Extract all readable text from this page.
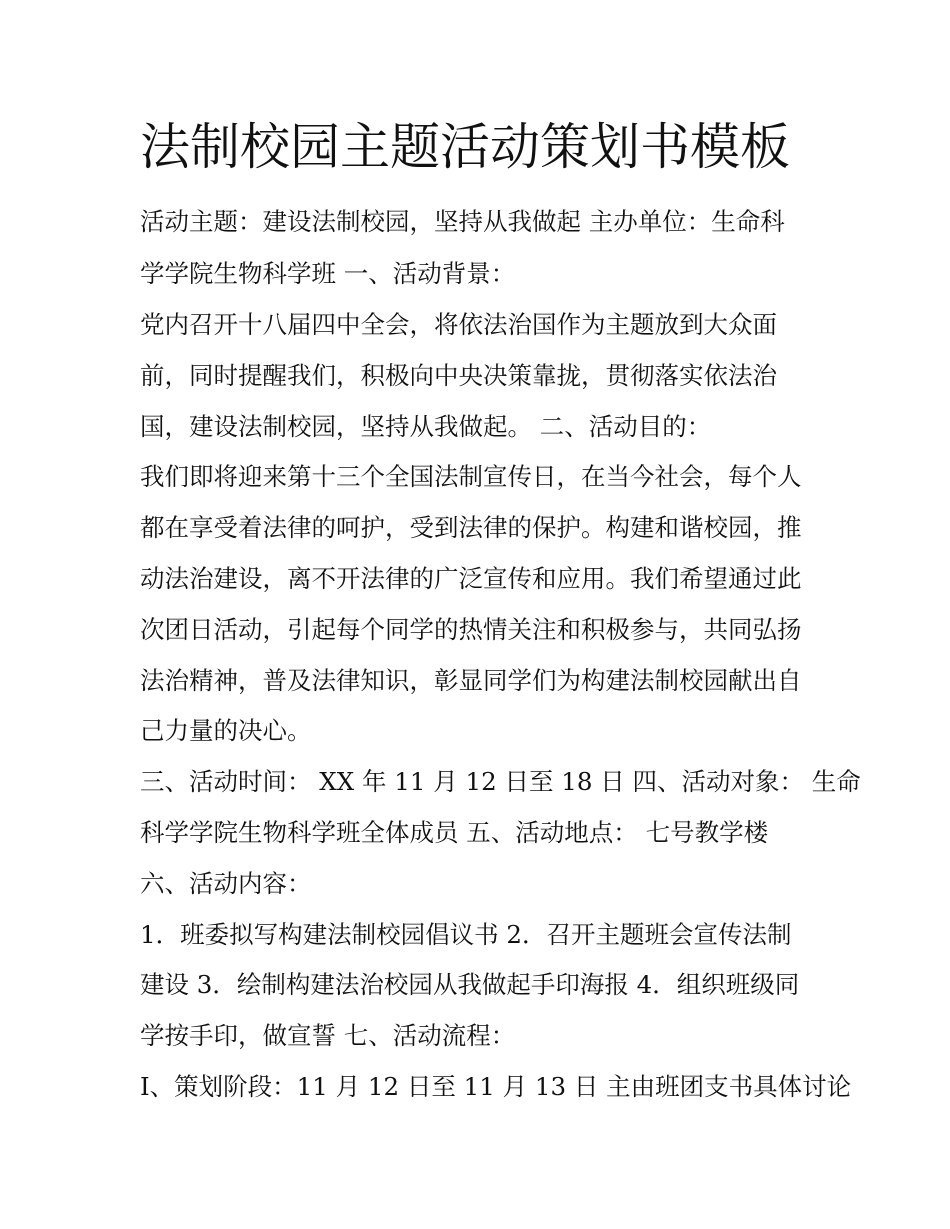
法制校园主题活动策划书模板

活动主题：建设法制校园，坚持从我做起 主办单位：生命科

学学院生物科学班 一、活动背景：

党内召开十八届四中全会，将依法治国作为主题放到大众面

前，同时提醒我们，积极向中央决策靠拢，贯彻落实依法治

国，建设法制校园，坚持从我做起。 二、活动目的：

我们即将迎来第十三个全国法制宣传日，在当今社会，每个人

都在享受着法律的呵护，受到法律的保护。构建和谐校园，推

动法治建设，离不开法律的广泛宣传和应用。我们希望通过此

次团日活动，引起每个同学的热情关注和积极参与，共同弘扬

法治精神，普及法律知识，彰显同学们为构建法制校园献出自

己力量的决心。

三、活动时间： XX 年 11 月 12 日至 18 日 四、活动对象： 生命

科学学院生物科学班全体成员 五、活动地点： 七号教学楼

六、活动内容：

1．班委拟写构建法制校园倡议书 2．召开主题班会宣传法制

建设 3．绘制构建法治校园从我做起手印海报 4．组织班级同

学按手印，做宣誓 七、活动流程：

I、策划阶段：11 月 12 日至 11 月 13 日 主由班团支书具体讨论
